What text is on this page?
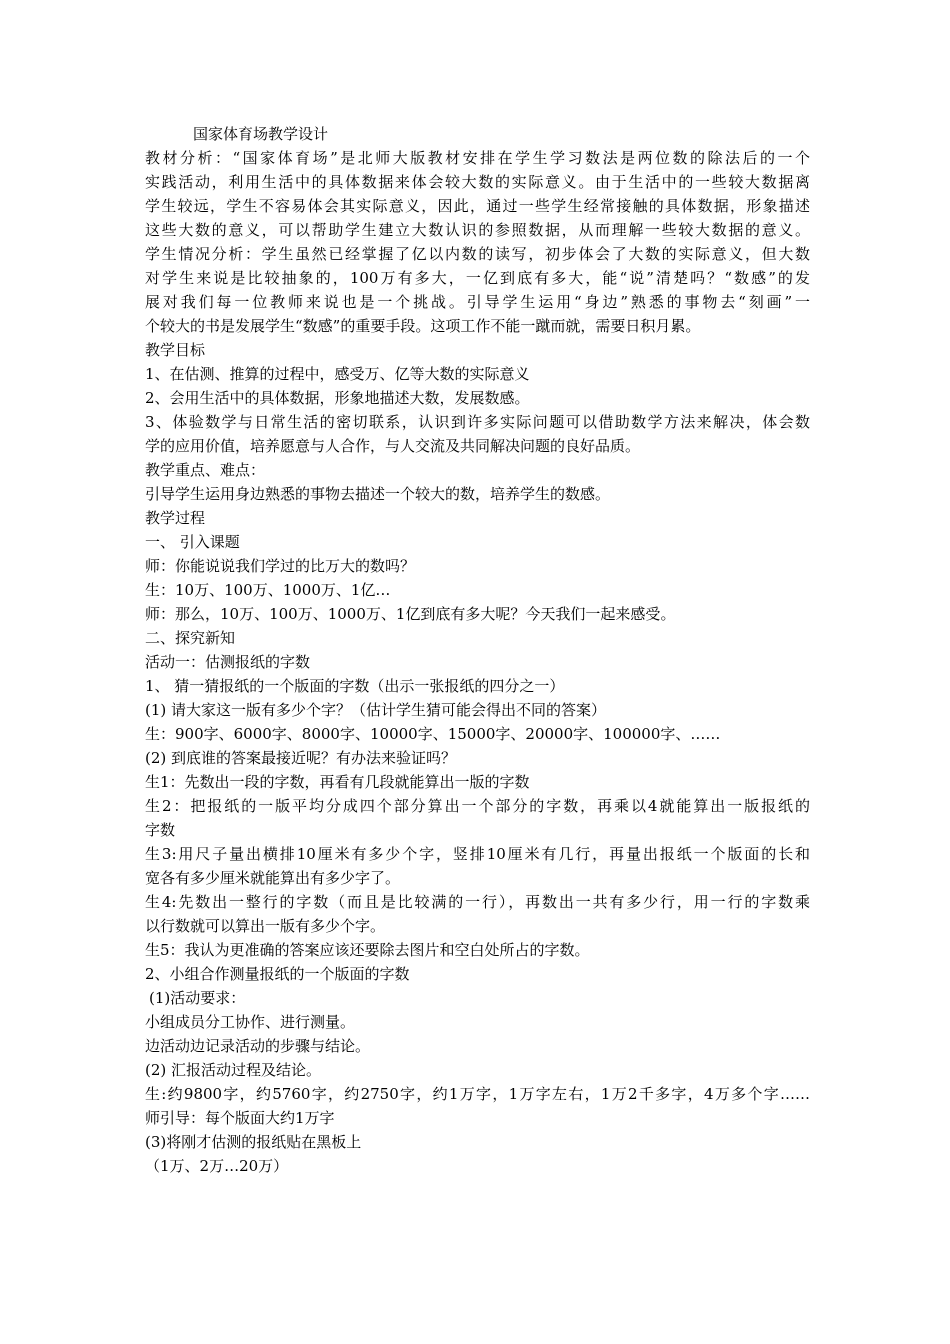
国家体育场教学设计
教材分析：“国家体育场”是北师大版教材安排在学生学习数法是两位数的除法后的一个
实践活动，利用生活中的具体数据来体会较大数的实际意义。由于生活中的一些较大数据离
学生较远，学生不容易体会其实际意义，因此，通过一些学生经常接触的具体数据，形象描述
这些大数的意义，可以帮助学生建立大数认识的参照数据，从而理解一些较大数据的意义。
学生情况分析：学生虽然已经掌握了亿以内数的读写，初步体会了大数的实际意义，但大数
对学生来说是比较抽象的，100万有多大，一亿到底有多大，能“说”清楚吗？“数感”的发
展对我们每一位教师来说也是一个挑战。引导学生运用“身边”熟悉的事物去“刻画”一
个较大的书是发展学生“数感”的重要手段。这项工作不能一蹴而就，需要日积月累。
教学目标
1、在估测、推算的过程中，感受万、亿等大数的实际意义
2、会用生活中的具体数据，形象地描述大数，发展数感。
3、体验数学与日常生活的密切联系，认识到许多实际问题可以借助数学方法来解决，体会数
学的应用价值，培养愿意与人合作，与人交流及共同解决问题的良好品质。
教学重点、难点：
引导学生运用身边熟悉的事物去描述一个较大的数，培养学生的数感。
教学过程
一、 引入课题
师：你能说说我们学过的比万大的数吗？
生：10万、100万、1000万、1亿…
师：那么，10万、100万、1000万、1亿到底有多大呢？今天我们一起来感受。
二、探究新知
活动一：估测报纸的字数
1、 猜一猜报纸的一个版面的字数（出示一张报纸的四分之一）
(1) 请大家这一版有多少个字？（估计学生猜可能会得出不同的答案）
生：900字、6000字、8000字、10000字、15000字、20000字、100000字、……
(2) 到底谁的答案最接近呢？有办法来验证吗？
生1：先数出一段的字数，再看有几段就能算出一版的字数
生2：把报纸的一版平均分成四个部分算出一个部分的字数，再乘以4就能算出一版报纸的
字数
生3:用尺子量出横排10厘米有多少个字，竖排10厘米有几行，再量出报纸一个版面的长和
宽各有多少厘米就能算出有多少字了。
生4:先数出一整行的字数（而且是比较满的一行），再数出一共有多少行，用一行的字数乘
以行数就可以算出一版有多少个字。
生5：我认为更准确的答案应该还要除去图片和空白处所占的字数。
2、小组合作测量报纸的一个版面的字数
(1)活动要求：
小组成员分工协作、进行测量。
边活动边记录活动的步骤与结论。
(2) 汇报活动过程及结论。
生:约9800字，约5760字，约2750字，约1万字，1万字左右，1万2千多字，4万多个字……
师引导：每个版面大约1万字
(3)将刚才估测的报纸贴在黑板上
（1万、2万…20万）
